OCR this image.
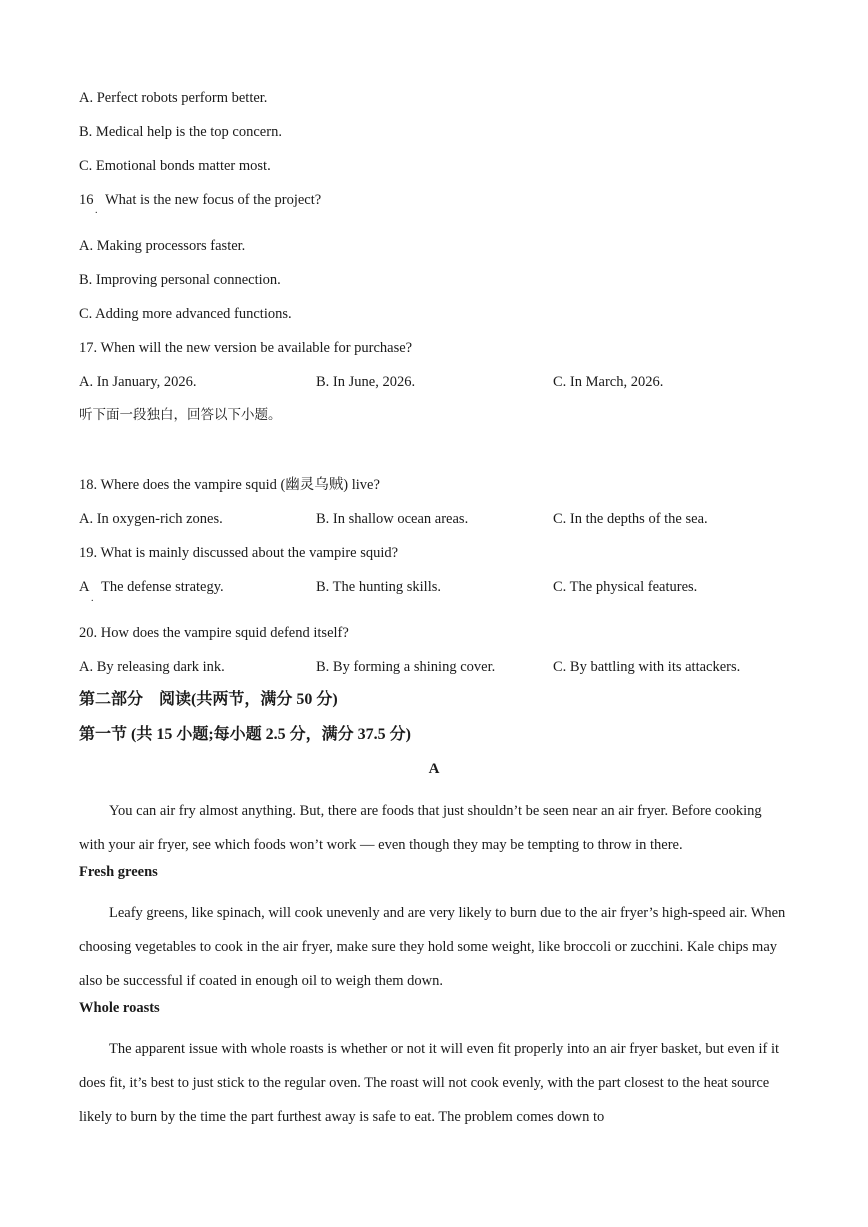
A. Perfect robots perform better.
B. Medical help is the top concern.
C. Emotional bonds matter most.
16
.
What is the new focus of the project?
A. Making processors faster.
B. Improving personal connection.
C. Adding more advanced functions.
17. When will the new version be available for purchase?
A. In January, 2026.	B. In June, 2026.	C. In March, 2026.
听下面一段独白，回答以下小题。
18. Where does the vampire squid (幽灵乌贼) live?
A. In oxygen-rich zones.	B. In shallow ocean areas.	C. In the depths of the sea.
19. What is mainly discussed about the vampire squid?
A
.
The defense strategy.	B. The hunting skills.	C. The physical features.
20. How does the vampire squid defend itself?
A. By releasing dark ink.	B. By forming a shining cover.	C. By battling with its attackers.
第二部分　阅读(共两节，满分 50 分)
第一节 (共 15 小题;每小题 2.5 分，满分 37.5 分)
A
You can air fry almost anything. But, there are foods that just shouldn’t be seen near an air fryer. Before cooking with your air fryer, see which foods won’t work — even though they may be tempting to throw in there.
Fresh greens
Leafy greens, like spinach, will cook unevenly and are very likely to burn due to the air fryer’s high-speed air. When choosing vegetables to cook in the air fryer, make sure they hold some weight, like broccoli or zucchini. Kale chips may also be successful if coated in enough oil to weigh them down.
Whole roasts
The apparent issue with whole roasts is whether or not it will even fit properly into an air fryer basket, but even if it does fit, it’s best to just stick to the regular oven. The roast will not cook evenly, with the part closest to the heat source likely to burn by the time the part furthest away is safe to eat. The problem comes down to
